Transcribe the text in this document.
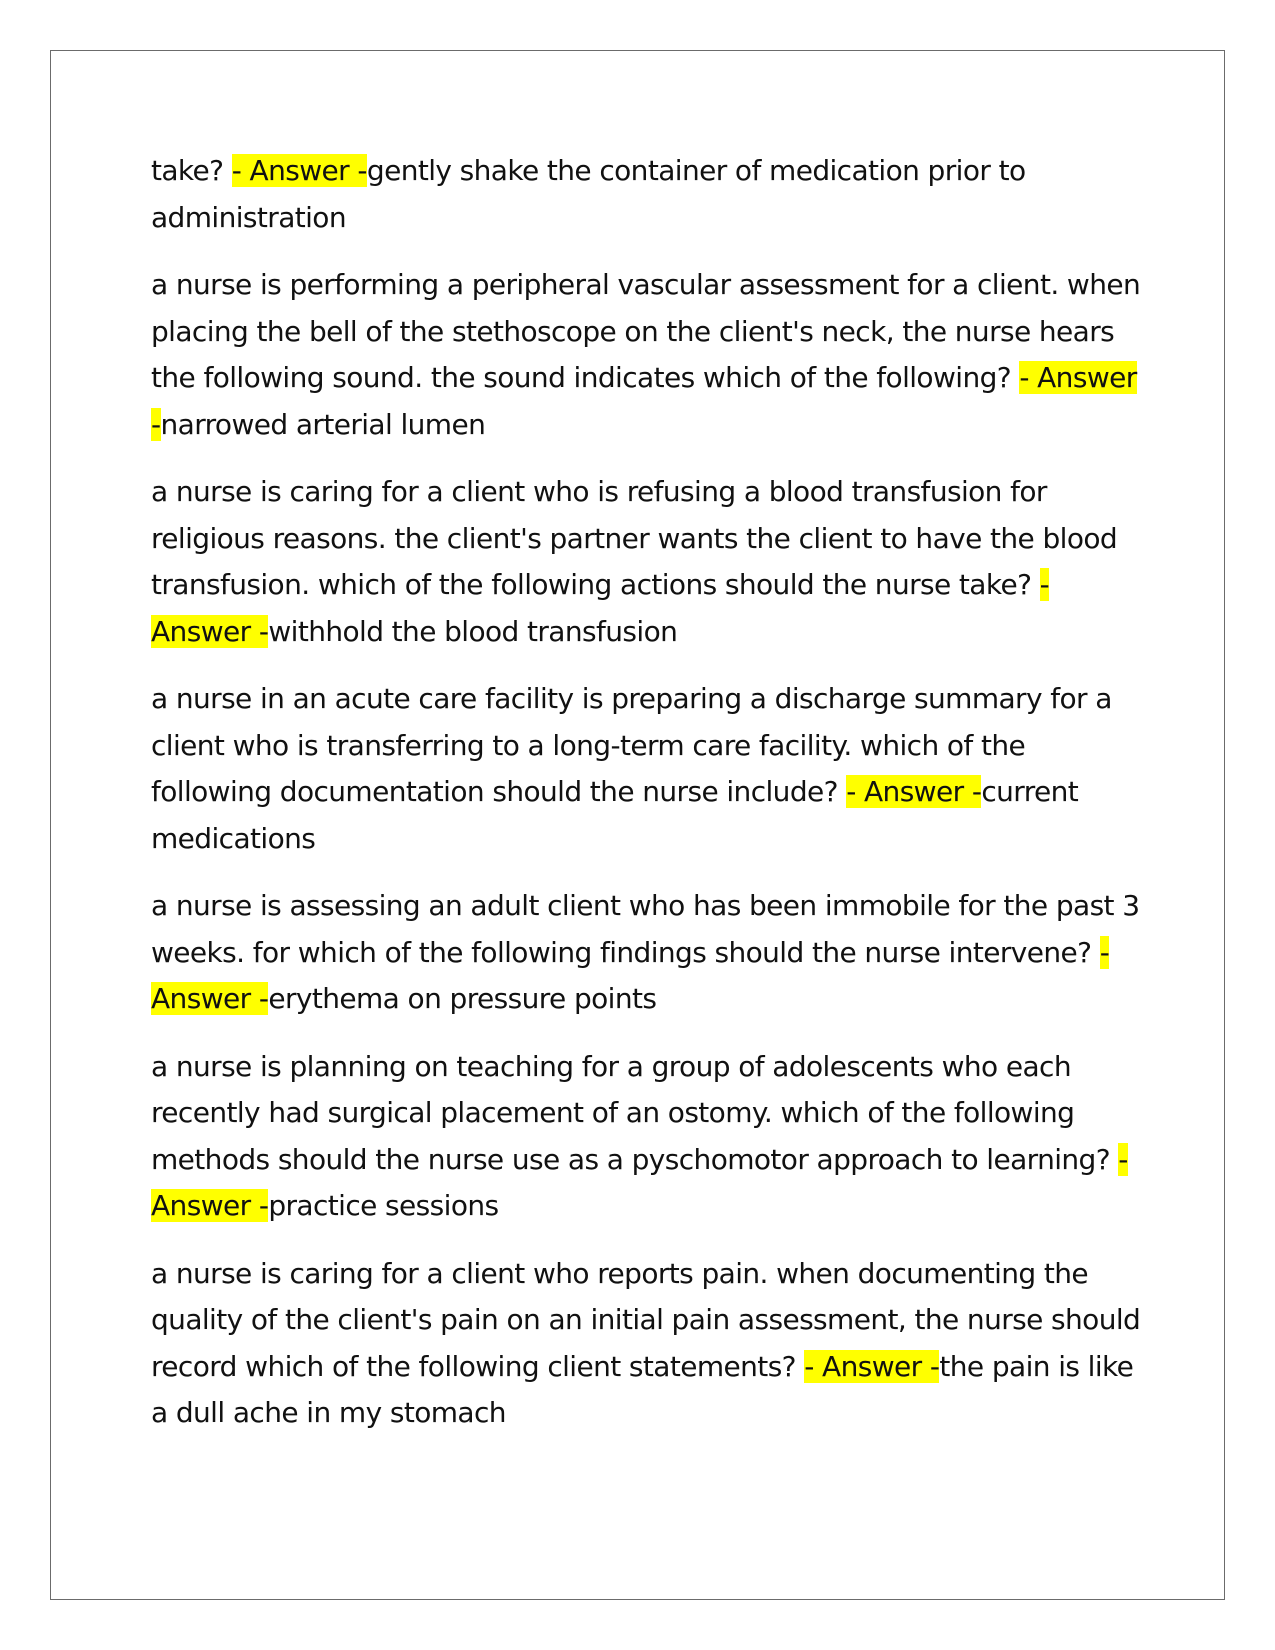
take? - Answer -gently shake the container of medication prior to administration

a nurse is performing a peripheral vascular assessment for a client. when placing the bell of the stethoscope on the client's neck, the nurse hears the following sound. the sound indicates which of the following? - Answer -narrowed arterial lumen

a nurse is caring for a client who is refusing a blood transfusion for religious reasons. the client's partner wants the client to have the blood transfusion. which of the following actions should the nurse take? - Answer -withhold the blood transfusion

a nurse in an acute care facility is preparing a discharge summary for a client who is transferring to a long-term care facility. which of the following documentation should the nurse include? - Answer -current medications

a nurse is assessing an adult client who has been immobile for the past 3 weeks. for which of the following findings should the nurse intervene? - Answer -erythema on pressure points

a nurse is planning on teaching for a group of adolescents who each recently had surgical placement of an ostomy. which of the following methods should the nurse use as a pyschomotor approach to learning? - Answer -practice sessions

a nurse is caring for a client who reports pain. when documenting the quality of the client's pain on an initial pain assessment, the nurse should record which of the following client statements? - Answer -the pain is like a dull ache in my stomach
